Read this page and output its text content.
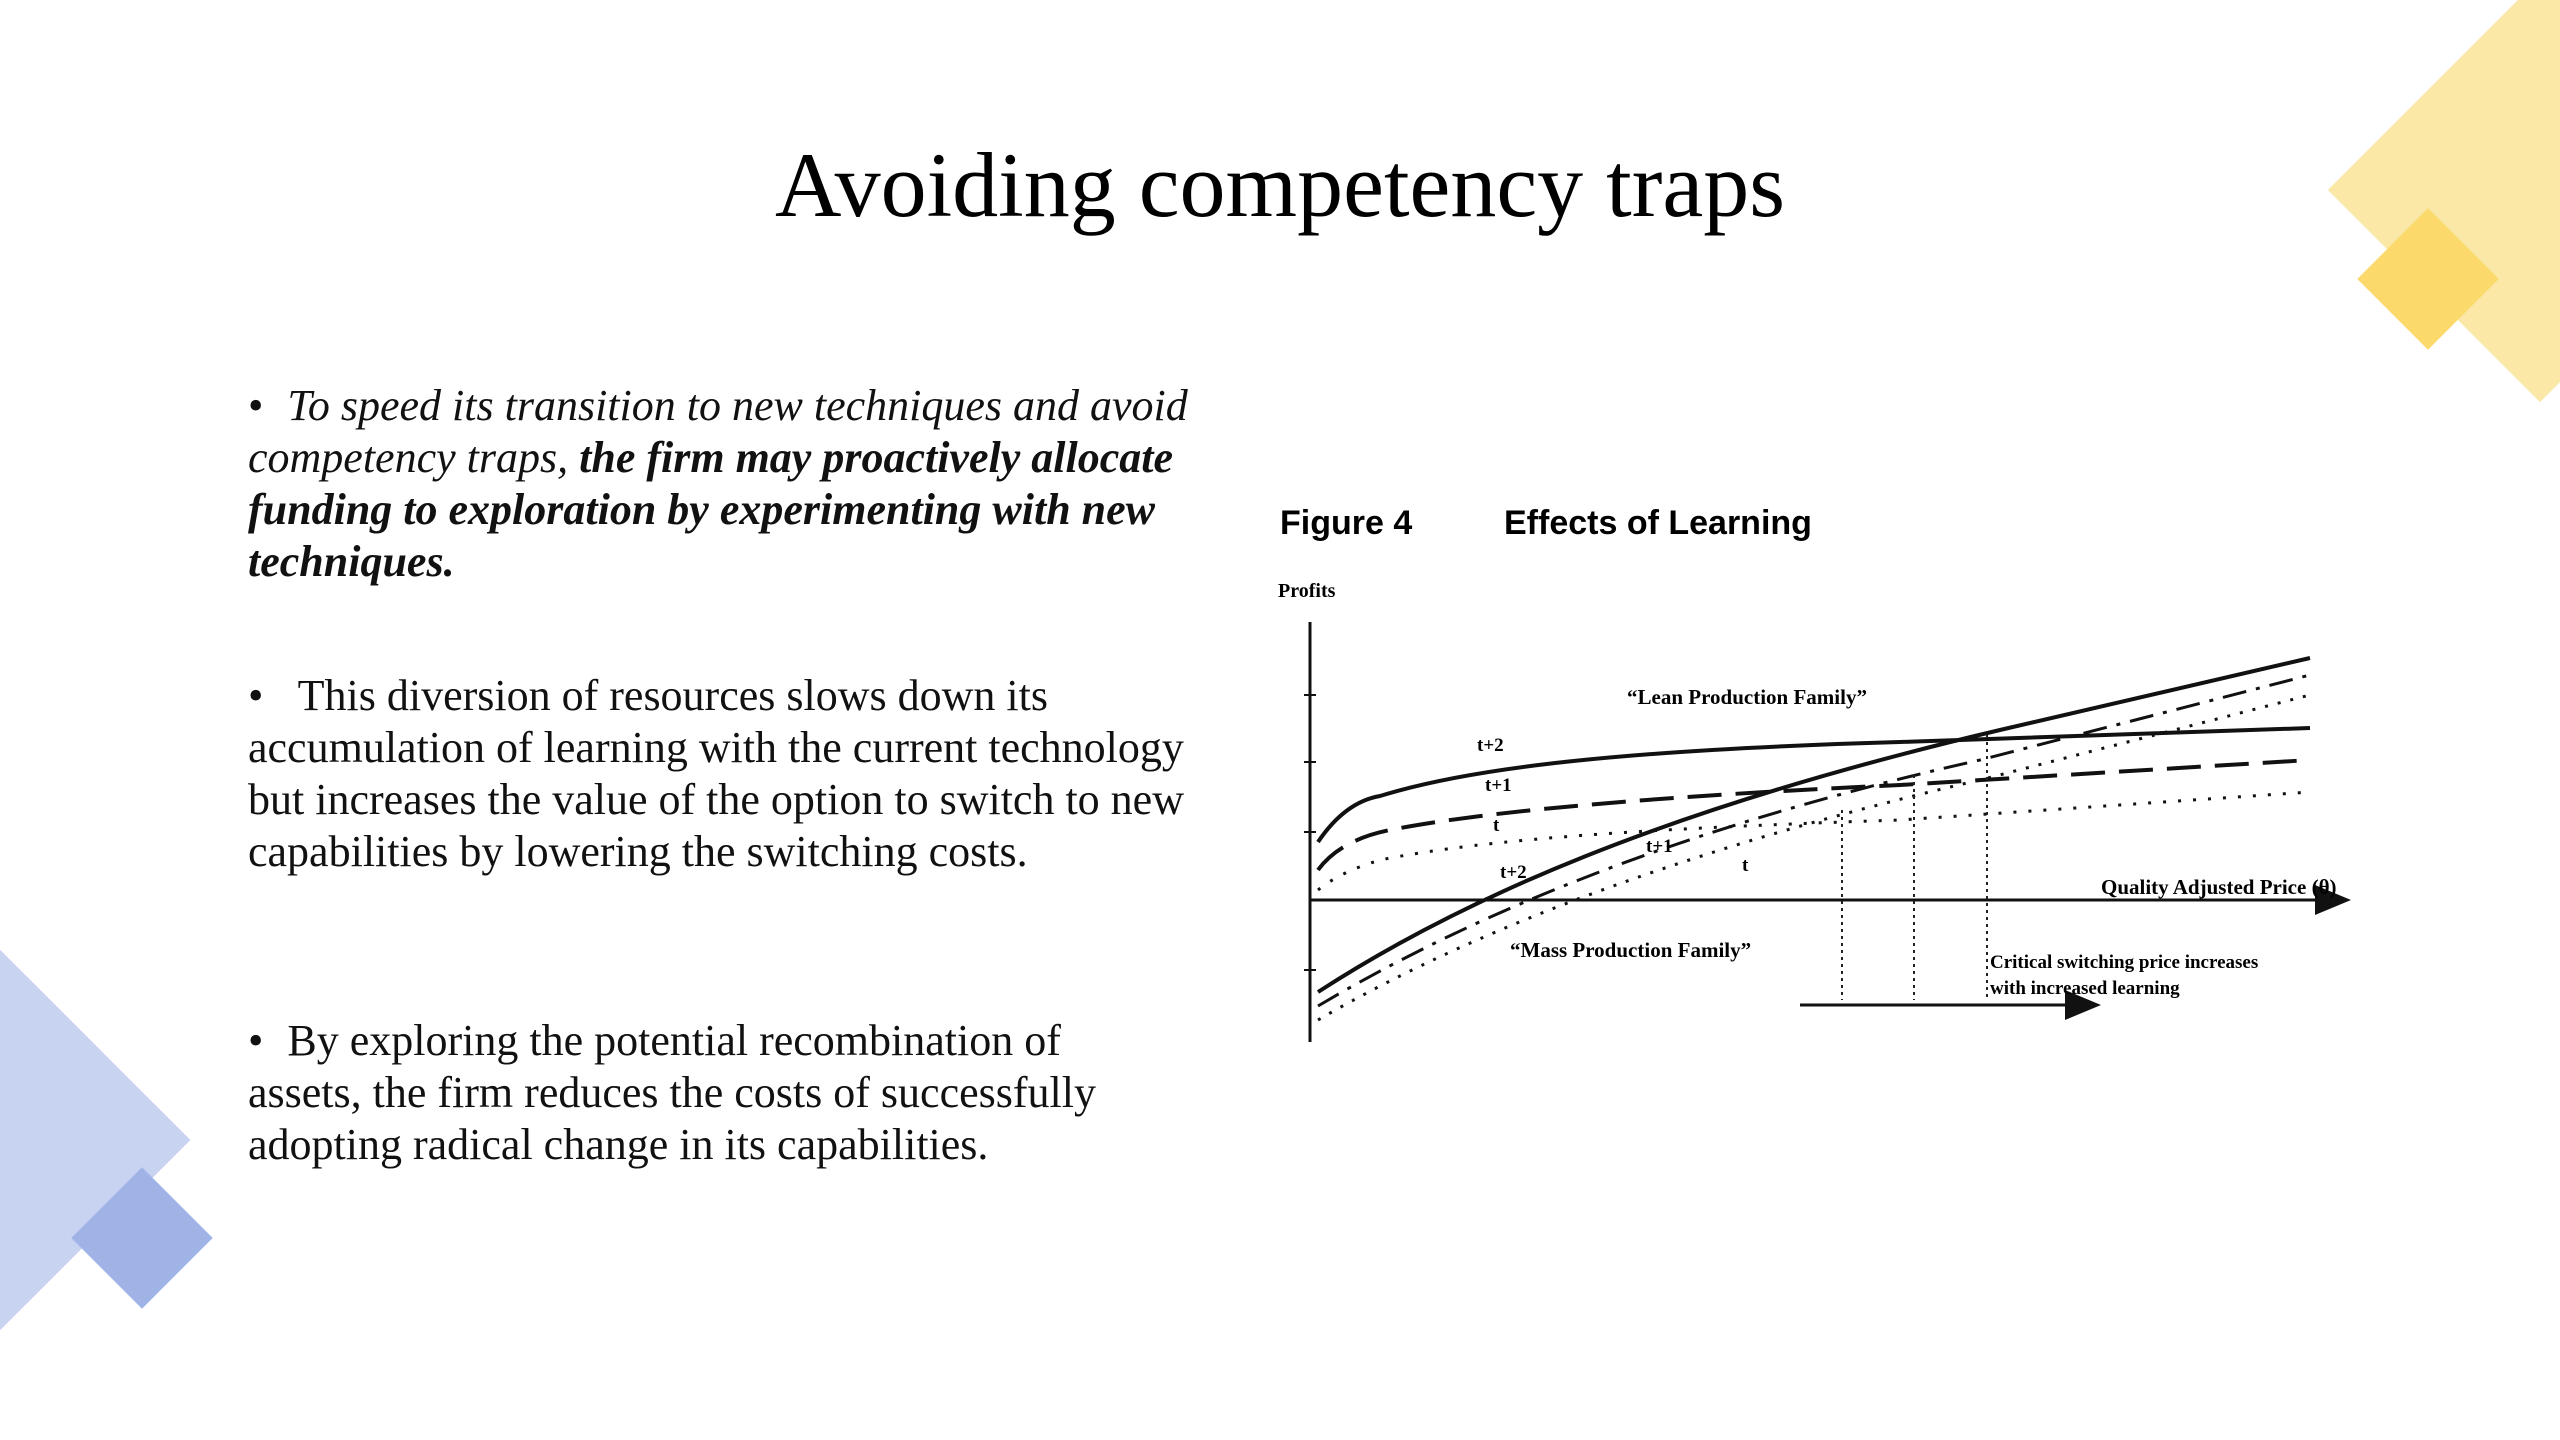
Avoiding competency traps

• To speed its transition to new techniques and avoid competency traps, the firm may proactively allocate funding to exploration by experimenting with new techniques.

• This diversion of resources slows down its accumulation of learning with the current technology but increases the value of the option to switch to new capabilities by lowering the switching costs.

• By exploring the potential recombination of assets, the firm reduces the costs of successfully adopting radical change in its capabilities.

Figure 4	Effects of Learning
Profits
Quality Adjusted Price (θ)
“Lean Production Family”
“Mass Production Family”
t+2
t+1
t
t+2
t+1
t
Critical switching price increases
with increased learning
